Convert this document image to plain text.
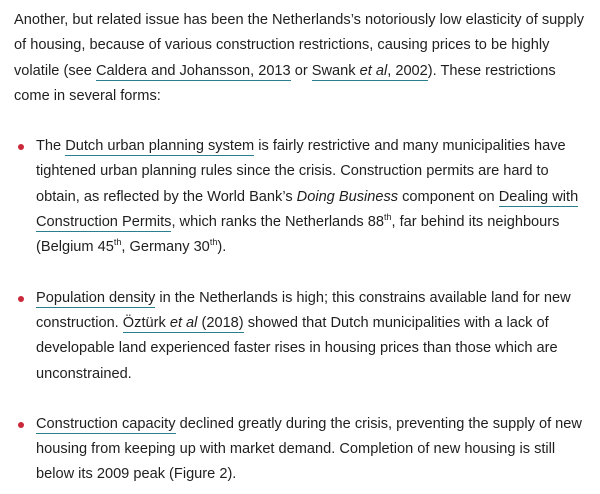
Another, but related issue has been the Netherlands’s notoriously low elasticity of supply of housing, because of various construction restrictions, causing prices to be highly volatile (see Caldera and Johansson, 2013 or Swank et al, 2002). These restrictions come in several forms:

The Dutch urban planning system is fairly restrictive and many municipalities have tightened urban planning rules since the crisis. Construction permits are hard to obtain, as reflected by the World Bank’s Doing Business component on Dealing with Construction Permits, which ranks the Netherlands 88th, far behind its neighbours (Belgium 45th, Germany 30th).
Population density in the Netherlands is high; this constrains available land for new construction. Öztürk et al (2018) showed that Dutch municipalities with a lack of developable land experienced faster rises in housing prices than those which are unconstrained.
Construction capacity declined greatly during the crisis, preventing the supply of new housing from keeping up with market demand. Completion of new housing is still below its 2009 peak (Figure 2).
